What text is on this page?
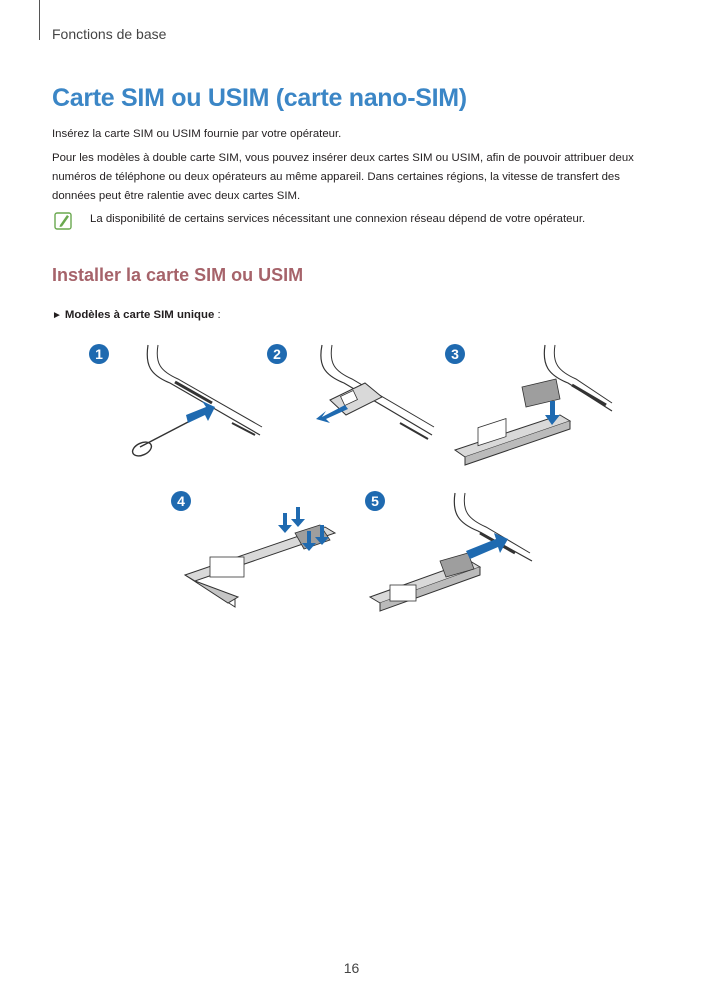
Fonctions de base
Carte SIM ou USIM (carte nano-SIM)

Insérez la carte SIM ou USIM fournie par votre opérateur.

Pour les modèles à double carte SIM, vous pouvez insérer deux cartes SIM ou USIM, afin de pouvoir attribuer deux numéros de téléphone ou deux opérateurs au même appareil. Dans certaines régions, la vitesse de transfert des données peut être ralentie avec deux cartes SIM.

La disponibilité de certains services nécessitant une connexion réseau dépend de votre opérateur.
Installer la carte SIM ou USIM
► Modèles à carte SIM unique :
1	2	3
4	5
16
